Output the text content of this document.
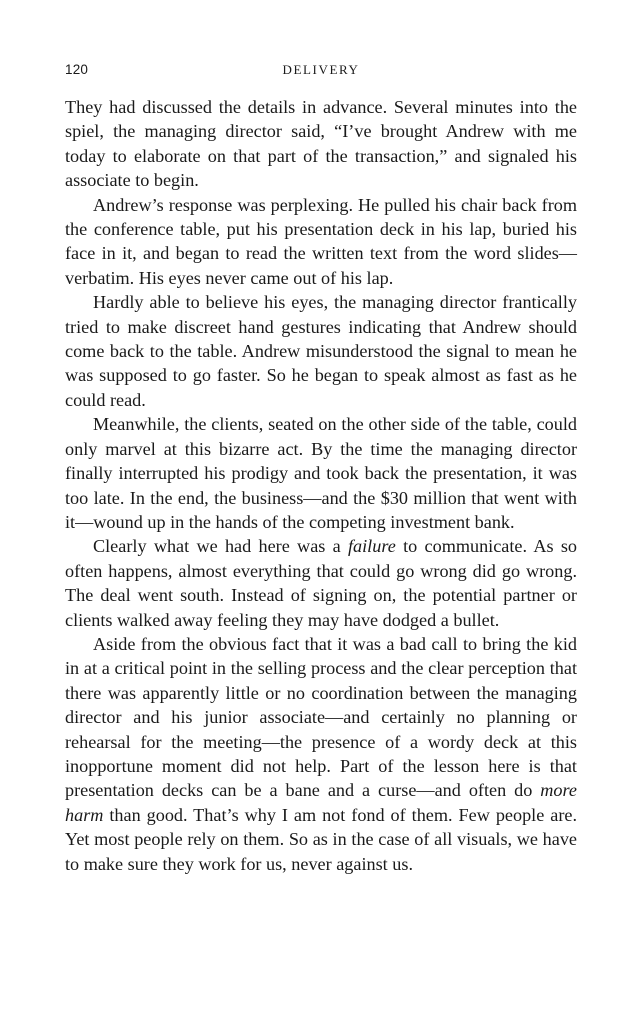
120	DELIVERY

They had discussed the details in advance. Several minutes into the spiel, the managing director said, “I’ve brought Andrew with me today to elaborate on that part of the transaction,” and signaled his associate to begin.

Andrew’s response was perplexing. He pulled his chair back from the conference table, put his presentation deck in his lap, buried his face in it, and began to read the written text from the word slides—verbatim. His eyes never came out of his lap.

Hardly able to believe his eyes, the managing director frantically tried to make discreet hand gestures indicating that Andrew should come back to the table. Andrew misunderstood the signal to mean he was supposed to go faster. So he began to speak almost as fast as he could read.

Meanwhile, the clients, seated on the other side of the table, could only marvel at this bizarre act. By the time the managing director finally interrupted his prodigy and took back the presentation, it was too late. In the end, the business—and the $30 million that went with it—wound up in the hands of the competing investment bank.

Clearly what we had here was a failure to communicate. As so often happens, almost everything that could go wrong did go wrong. The deal went south. Instead of signing on, the potential partner or clients walked away feeling they may have dodged a bullet.

Aside from the obvious fact that it was a bad call to bring the kid in at a critical point in the selling process and the clear perception that there was apparently little or no coordination between the managing director and his junior associate—and certainly no planning or rehearsal for the meeting—the presence of a wordy deck at this inopportune moment did not help. Part of the lesson here is that presentation decks can be a bane and a curse—and often do more harm than good. That’s why I am not fond of them. Few people are. Yet most people rely on them. So as in the case of all visuals, we have to make sure they work for us, never against us.
